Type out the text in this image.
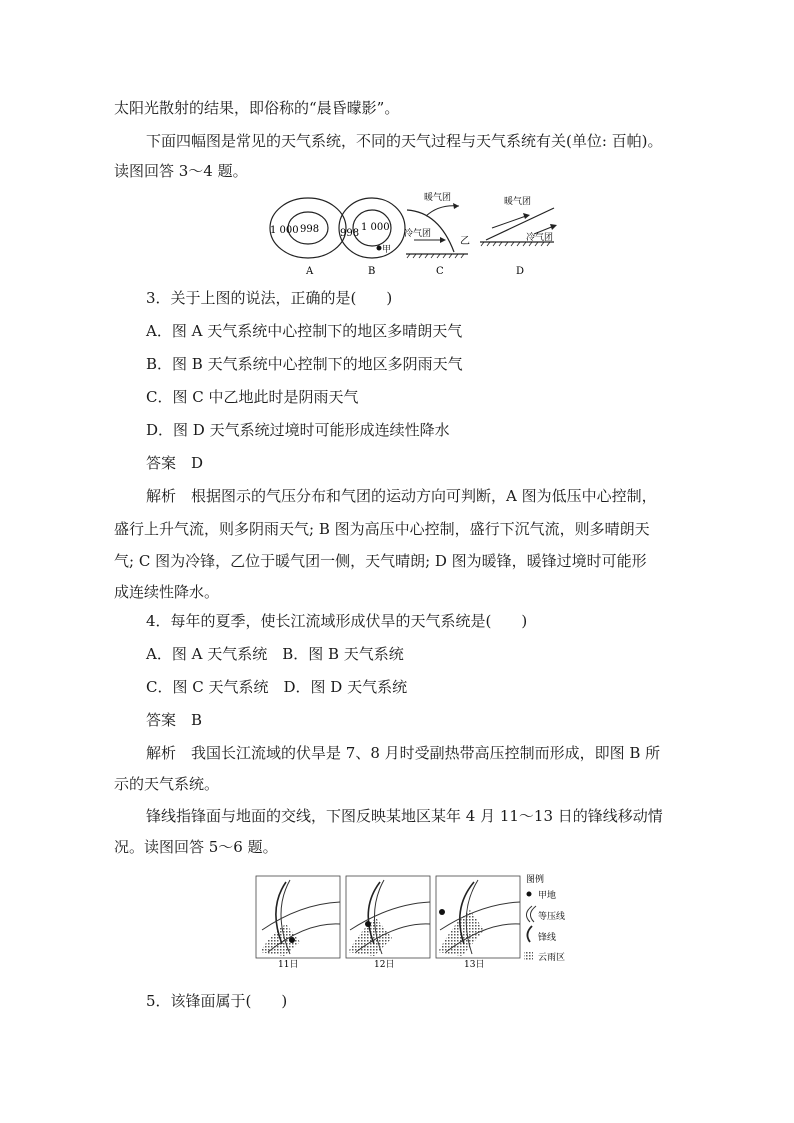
太阳光散射的结果，即俗称的“晨昏曚影”。
下面四幅图是常见的天气系统，不同的天气过程与天气系统有关(单位: 百帕)。
读图回答 3～4 题。
1 000 998
A
998
1 000
甲
B
暖气团
冷气团
乙
C
暖气团
冷气团
D
3．关于上图的说法，正确的是(　　)
A．图 A 天气系统中心控制下的地区多晴朗天气
B．图 B 天气系统中心控制下的地区多阴雨天气
C．图 C 中乙地此时是阴雨天气
D．图 D 天气系统过境时可能形成连续性降水
答案　D
解析　根据图示的气压分布和气团的运动方向可判断，A 图为低压中心控制，
盛行上升气流，则多阴雨天气; B 图为高压中心控制，盛行下沉气流，则多晴朗天
气; C 图为冷锋，乙位于暖气团一侧，天气晴朗; D 图为暖锋，暖锋过境时可能形
成连续性降水。
4．每年的夏季，使长江流域形成伏旱的天气系统是(　　)
A．图 A 天气系统　B．图 B 天气系统
C．图 C 天气系统　D．图 D 天气系统
答案　B
解析　我国长江流域的伏旱是 7、8 月时受副热带高压控制而形成，即图 B 所
示的天气系统。
锋线指锋面与地面的交线，下图反映某地区某年 4 月 11～13 日的锋线移动情
况。读图回答 5～6 题。
11日	12日	13日
图例
甲地
等压线
锋线
云雨区
5．该锋面属于(　　)
